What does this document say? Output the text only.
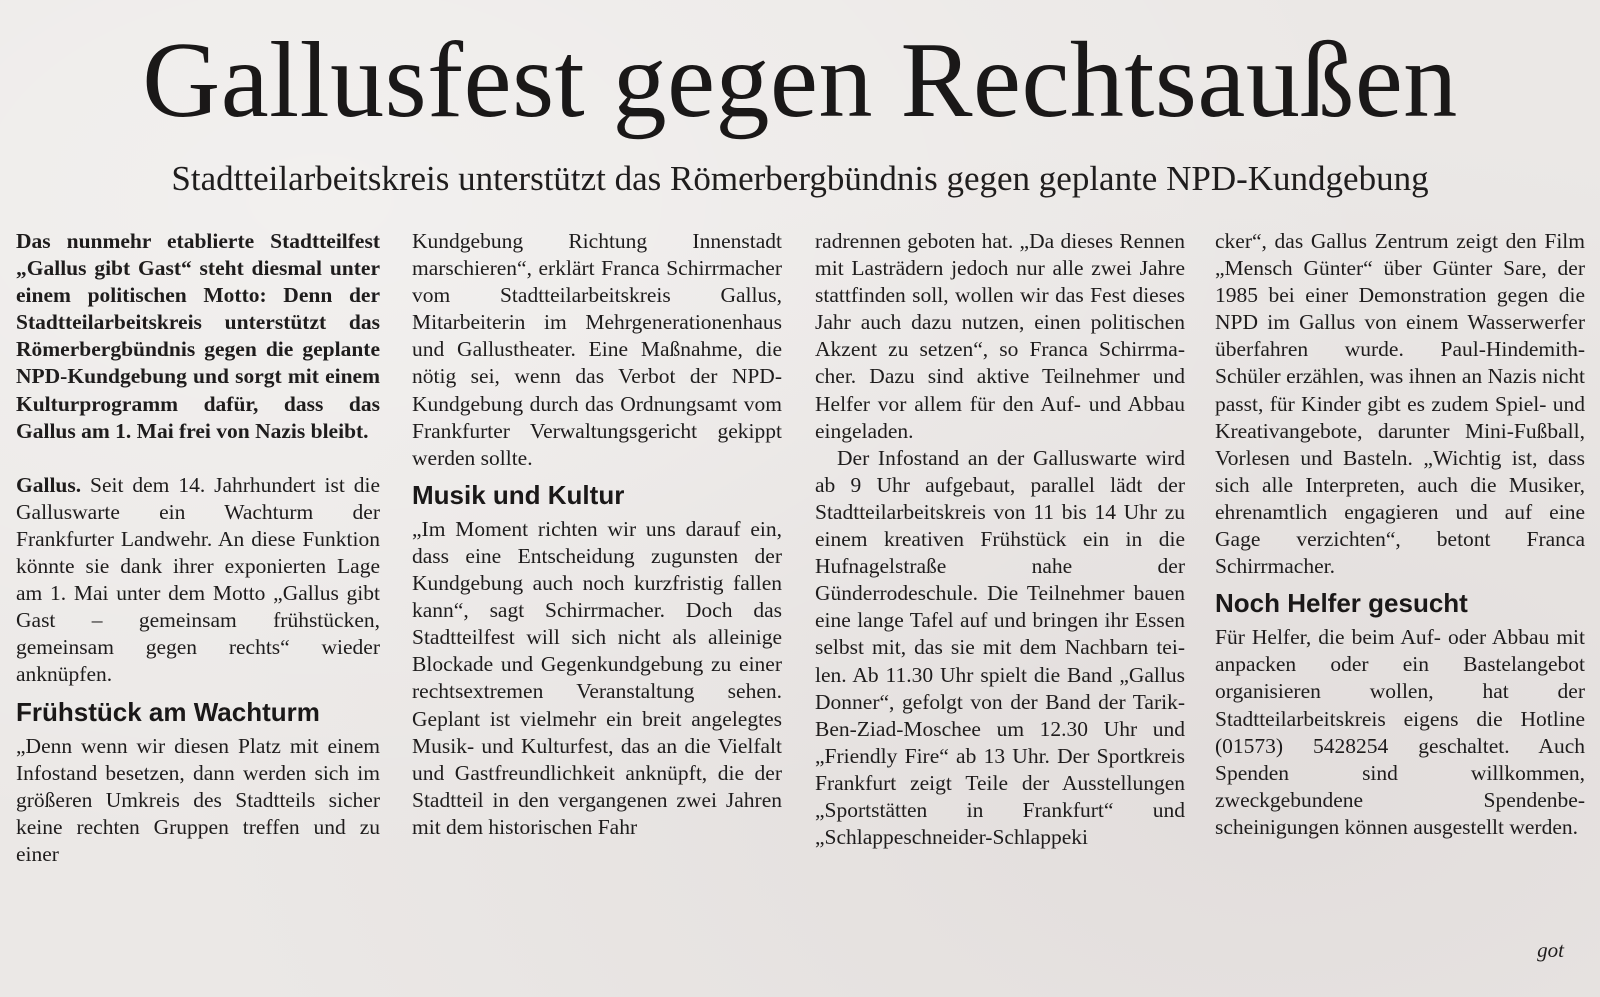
Gallusfest gegen Rechtsaußen
Stadtteilarbeitskreis unterstützt das Römerbergbündnis gegen geplante NPD-Kundgebung

Das nunmehr etablierte Stadtteilfest „Gallus gibt Gast“ steht diesmal unter einem politischen Motto: Denn der Stadtteilarbeitskreis unterstützt das Römerbergbündnis gegen die geplante NPD-Kundgebung und sorgt mit einem Kulturprogramm dafür, dass das Gallus am 1. Mai frei von Nazis bleibt.

Gallus. Seit dem 14. Jahrhundert ist die Galluswarte ein Wachturm der Frankfurter Landwehr. An diese Funktion könnte sie dank ihrer exponierten Lage am 1. Mai unter dem Motto „Gallus gibt Gast – gemeinsam frühstücken, gemeinsam gegen rechts“ wieder anknüpfen.

Frühstück am Wachturm

„Denn wenn wir diesen Platz mit einem Infostand besetzen, dann werden sich im größeren Umkreis des Stadtteils sicher keine rechten Gruppen treffen und zu einer

Kundgebung Richtung Innenstadt marschieren“, erklärt Franca Schirrmacher vom Stadtteilarbeitskreis Gallus, Mitarbeiterin im Mehrgenerationenhaus und Gallustheater. Eine Maßnahme, die nötig sei, wenn das Verbot der NPD-Kundgebung durch das Ordnungsamt vom Frankfurter Verwaltungsgericht gekippt werden sollte.

Musik und Kultur

„Im Moment richten wir uns darauf ein, dass eine Entscheidung zugunsten der Kundgebung auch noch kurzfristig fallen kann“, sagt Schirrmacher. Doch das Stadtteilfest will sich nicht als alleinige Blockade und Gegenkundgebung zu einer rechtsextremen Veranstaltung sehen. Geplant ist vielmehr ein breit angelegtes Musik- und Kulturfest, das an die Vielfalt und Gastfreundlichkeit anknüpft, die der Stadtteil in den vergangenen zwei Jahren mit dem historischen Fahr

radrennen geboten hat. „Da dieses Rennen mit Lasträdern jedoch nur alle zwei Jahre stattfinden soll, wollen wir das Fest dieses Jahr auch dazu nutzen, einen politischen Akzent zu setzen“, so Franca Schirrmacher. Dazu sind aktive Teilnehmer und Helfer vor allem für den Auf- und Abbau eingeladen.

Der Infostand an der Galluswarte wird ab 9 Uhr aufgebaut, parallel lädt der Stadtteilarbeitskreis von 11 bis 14 Uhr zu einem kreativen Frühstück ein in die Hufnagelstraße nahe der Günderrodeschule. Die Teilnehmer bauen eine lange Tafel auf und bringen ihr Essen selbst mit, das sie mit dem Nachbarn teilen. Ab 11.30 Uhr spielt die Band „Gallus Donner“, gefolgt von der Band der Tarik-Ben-Ziad-Moschee um 12.30 Uhr und „Friendly Fire“ ab 13 Uhr. Der Sportkreis Frankfurt zeigt Teile der Ausstellungen „Sportstätten in Frankfurt“ und „Schlappeschneider-Schlappeki

cker“, das Gallus Zentrum zeigt den Film „Mensch Günter“ über Günter Sare, der 1985 bei einer Demonstration gegen die NPD im Gallus von einem Wasserwerfer überfahren wurde. Paul-Hindemith-Schüler erzählen, was ihnen an Nazis nicht passt, für Kinder gibt es zudem Spiel- und Kreativangebote, darunter Mini-Fußball, Vorlesen und Basteln. „Wichtig ist, dass sich alle Interpreten, auch die Musiker, ehrenamtlich engagieren und auf eine Gage verzichten“, betont Franca Schirrmacher.

Noch Helfer gesucht

Für Helfer, die beim Auf- oder Abbau mit anpacken oder ein Bastelangebot organisieren wollen, hat der Stadtteilarbeitskreis eigens die Hotline (01573) 5428254 geschaltet. Auch Spenden sind willkommen, zweckgebundene Spendenbescheinigungen können ausgestellt werden.

got
